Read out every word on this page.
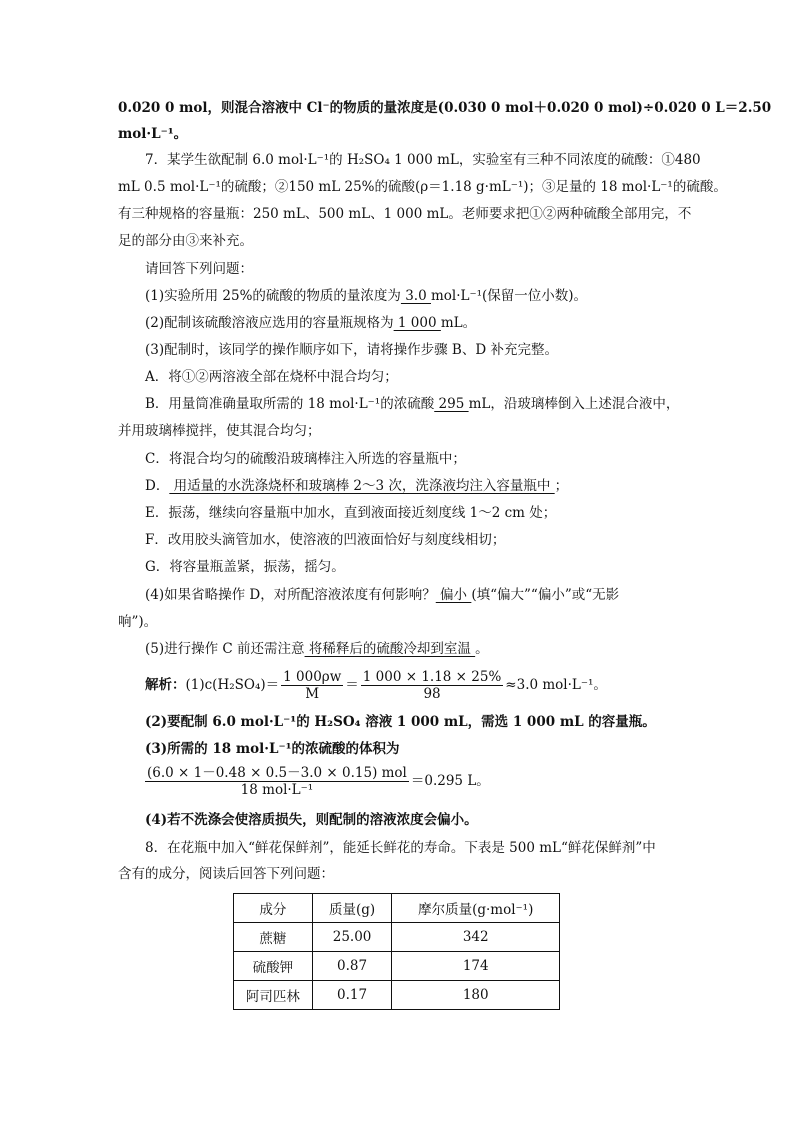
0.020 0 mol，则混合溶液中 Cl⁻的物质的量浓度是(0.030 0 mol＋0.020 0 mol)÷0.020 0 L＝2.50
mol·L⁻¹。
7．某学生欲配制 6.0 mol·L⁻¹的 H₂SO₄ 1 000 mL，实验室有三种不同浓度的硫酸：①480
mL 0.5 mol·L⁻¹的硫酸；②150 mL 25%的硫酸(ρ＝1.18 g·mL⁻¹)；③足量的 18 mol·L⁻¹的硫酸。
有三种规格的容量瓶：250 mL、500 mL、1 000 mL。老师要求把①②两种硫酸全部用完，不
足的部分由③来补充。
请回答下列问题：
(1)实验所用 25%的硫酸的物质的量浓度为 3.0 mol·L⁻¹(保留一位小数)。
(2)配制该硫酸溶液应选用的容量瓶规格为 1 000 mL。
(3)配制时，该同学的操作顺序如下，请将操作步骤 B、D 补充完整。
A．将①②两溶液全部在烧杯中混合均匀；
B．用量筒准确量取所需的 18 mol·L⁻¹的浓硫酸 295 mL，沿玻璃棒倒入上述混合液中，
并用玻璃棒搅拌，使其混合均匀；
C．将混合均匀的硫酸沿玻璃棒注入所选的容量瓶中；
D． 用适量的水洗涤烧杯和玻璃棒 2～3 次，洗涤液均注入容量瓶中 ；
E．振荡，继续向容量瓶中加水，直到液面接近刻度线 1～2 cm 处；
F．改用胶头滴管加水，使溶液的凹液面恰好与刻度线相切；
G．将容量瓶盖紧，振荡，摇匀。
(4)如果省略操作 D，对所配溶液浓度有何影响？ 偏小 (填“偏大”“偏小”或“无影
响”)。
(5)进行操作 C 前还需注意 将稀释后的硫酸冷却到室温 。
解析：$(1)c(H_2SO_4)= \frac{1 000\rho w}{M} = \frac{1 000 \times 1.18 \times 25\%}{98} \approx 3.0$ mol·L⁻¹。
(2)要配制 6.0 mol·L⁻¹的 H₂SO₄ 溶液 1 000 mL，需选 1 000 mL 的容量瓶。
(3)所需的 18 mol·L⁻¹的浓硫酸的体积为
$\frac{\text{(6.0 × 1－0.48 × 0.5－3.0 × 0.15) mol}}{\text{18 mol·L⁻¹}} =0.295$ L。
(4)若不洗涤会使溶质损失，则配制的溶液浓度会偏小。
8．在花瓶中加入“鲜花保鲜剂”，能延长鲜花的寿命。下表是 500 mL“鲜花保鲜剂”中
含有的成分，阅读后回答下列问题：
成分	质量(g)	摩尔质量(g·mol⁻¹)
蔗糖	25.00	342
硫酸钾	0.87	174
阿司匹林	0.17	180
